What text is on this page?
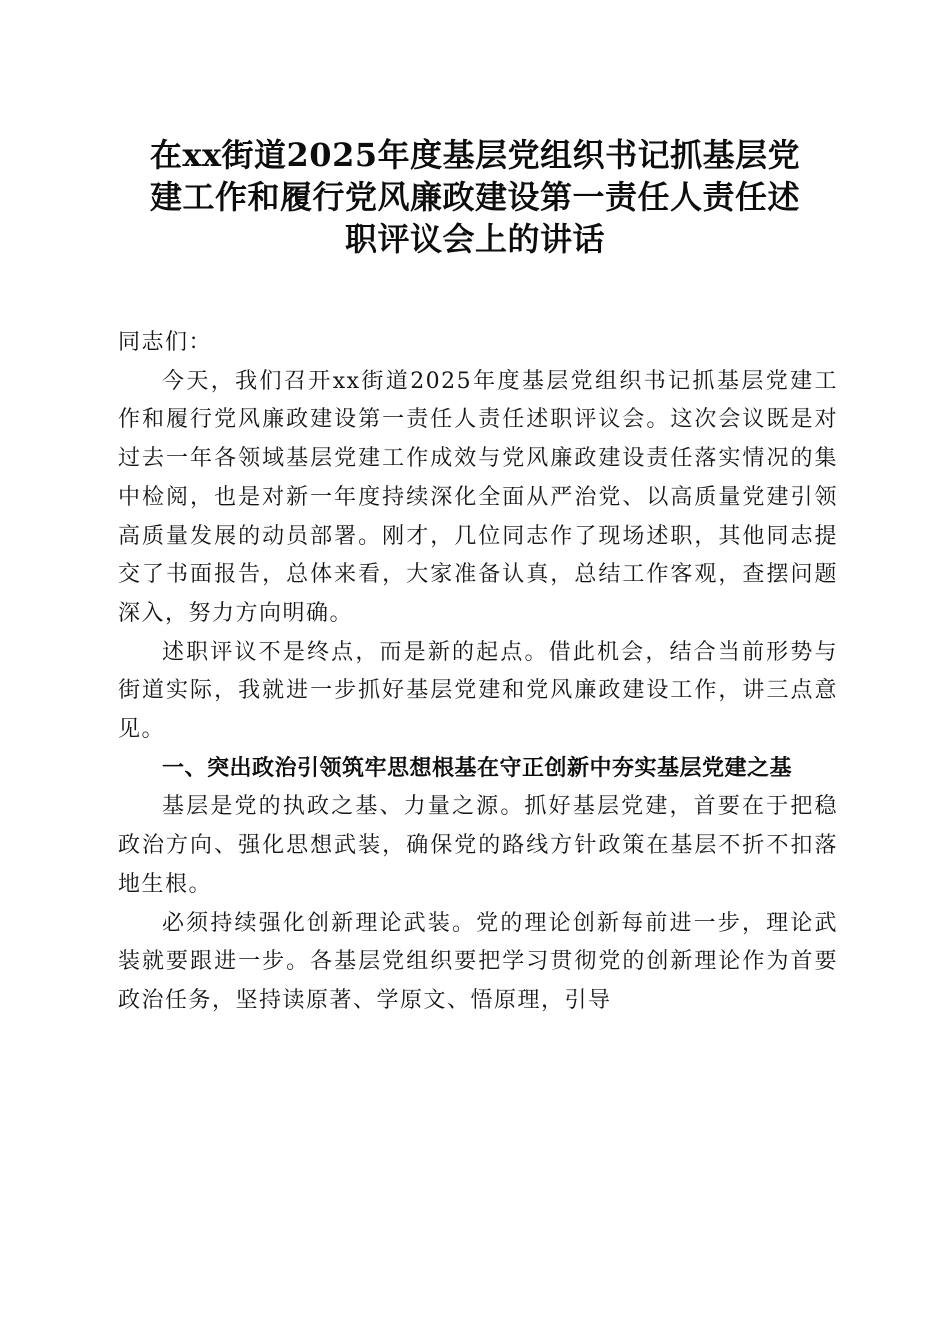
在xx街道2025年度基层党组织书记抓基层党
建工作和履行党风廉政建设第一责任人责任述
职评议会上的讲话

同志们：

今天，我们召开xx街道2025年度基层党组织书记抓基层党建工作和履行党风廉政建设第一责任人责任述职评议会。这次会议既是对过去一年各领域基层党建工作成效与党风廉政建设责任落实情况的集中检阅，也是对新一年度持续深化全面从严治党、以高质量党建引领高质量发展的动员部署。刚才，几位同志作了现场述职，其他同志提交了书面报告，总体来看，大家准备认真，总结工作客观，查摆问题深入，努力方向明确。

述职评议不是终点，而是新的起点。借此机会，结合当前形势与街道实际，我就进一步抓好基层党建和党风廉政建设工作，讲三点意见。

一、突出政治引领筑牢思想根基在守正创新中夯实基层党建之基

基层是党的执政之基、力量之源。抓好基层党建，首要在于把稳政治方向、强化思想武装，确保党的路线方针政策在基层不折不扣落地生根。

必须持续强化创新理论武装。党的理论创新每前进一步，理论武装就要跟进一步。各基层党组织要把学习贯彻党的创新理论作为首要政治任务，坚持读原著、学原文、悟原理，引导
